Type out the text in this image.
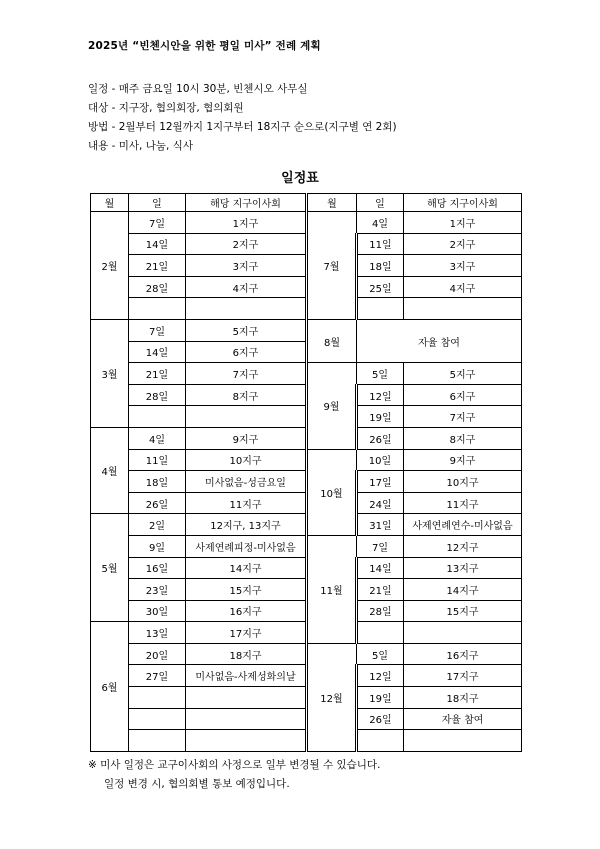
2025년 “빈첸시안을 위한 평일 미사” 전례 계획
일정 - 매주 금요일 10시 30분, 빈첸시오 사무실
대상 - 지구장, 협의회장, 협의회원
방법 - 2월부터 12월까지 1지구부터 18지구 순으로(지구별 연 2회)
내용 - 미사, 나눔, 식사
일정표
월	일	해당 지구이사회	월	일	해당 지구이사회
2월	7일	1지구	7월	4일	1지구
	14일	2지구		11일	2지구
	21일	3지구		18일	3지구
	28일	4지구		25일	4지구

3월	7일	5지구	8월	자율 참여	
	14일	6지구			
	21일	7지구	9월	5일	5지구
	28일	8지구		12일	6지구
				19일	7지구
4월	4일	9지구		26일	8지구
	11일	10지구	10월	10일	9지구
	18일	미사없음-성금요일		17일	10지구
	26일	11지구		24일	11지구
5월	2일	12지구, 13지구		31일	사제연례연수-미사없음
	9일	사제연례피정-미사없음	11월	7일	12지구
	16일	14지구		14일	13지구
	23일	15지구		21일	14지구
	30일	16지구		28일	15지구
6월	13일	17지구			
	20일	18지구	12월	5일	16지구
	27일	미사없음-사제성화의날		12일	17지구
				19일	18지구
				26일	자율 참여

※ 미사 일정은 교구이사회의 사정으로 일부 변경될 수 있습니다.
일정 변경 시, 협의회별 통보 예정입니다.
